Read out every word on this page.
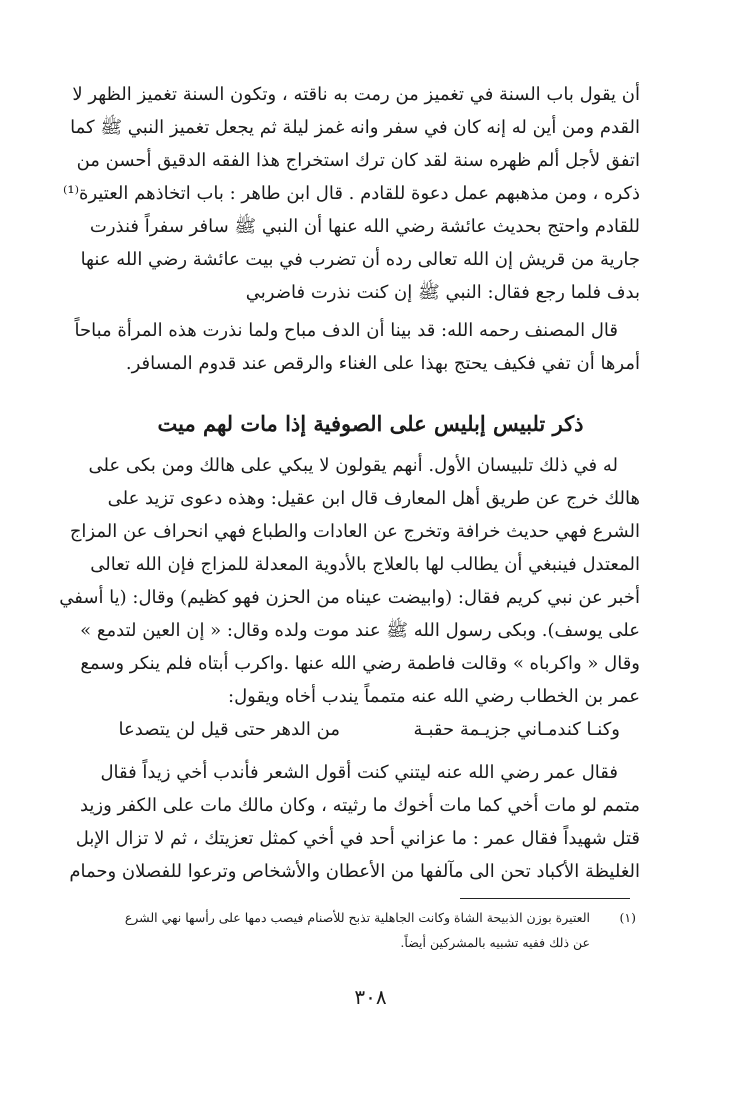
أن يقول باب السنة في تغميز من رمت به ناقته ، وتكون السنة تغميز الظهر لا
القدم ومن أين له إنه كان في سفر وانه غمز ليلة ثم يجعل تغميز النبي ﷺ كما
اتفق لأجل ألم ظهره سنة لقد كان ترك استخراج هذا الفقه الدقيق أحسن من
ذكره ، ومن مذهبهم عمل دعوة للقادم . قال ابن طاهر : باب اتخاذهم العتيرة⁽¹⁾
للقادم واحتج بحديث عائشة رضي الله عنها أن النبي ﷺ سافر سفراً فنذرت
جارية من قريش إن الله تعالى رده أن تضرب في بيت عائشة رضي الله عنها
بدف فلما رجع فقال: النبي ﷺ إن كنت نذرت فاضربي
قال المصنف رحمه الله: قد بينا أن الدف مباح ولما نذرت هذه المرأة مباحاً
أمرها أن تفي فكيف يحتج بهذا على الغناء والرقص عند قدوم المسافر.
ذكر تلبيس إبليس على الصوفية إذا مات لهم ميت
له في ذلك تلبيسان الأول. أنهم يقولون لا يبكي على هالك ومن بكى على
هالك خرج عن طريق أهل المعارف قال ابن عقيل: وهذه دعوى تزيد على
الشرع فهي حديث خرافة وتخرج عن العادات والطباع فهي انحراف عن المزاج
المعتدل فينبغي أن يطالب لها بالعلاج بالأدوية المعدلة للمزاج فإن الله تعالى
أخبر عن نبي كريم فقال: (وابيضت عيناه من الحزن فهو كظيم) وقال: (يا أسفي
على يوسف). وبكى رسول الله ﷺ عند موت ولده وقال: « إن العين لتدمع »
وقال « واكرباه » وقالت فاطمة رضي الله عنها .واكرب أبتاه فلم ينكر وسمع
عمر بن الخطاب رضي الله عنه متمماً يندب أخاه ويقول:
وكنـا كندمـاني جزيـمة حقبـة
من الدهر حتى قيل لن يتصدعا
فقال عمر رضي الله عنه ليتني كنت أقول الشعر فأندب أخي زيداً فقال
متمم لو مات أخي كما مات أخوك ما رثيته ، وكان مالك مات على الكفر وزيد
قتل شهيداً فقال عمر : ما عزاني أحد في أخي كمثل تعزيتك ، ثم لا تزال الإبل
الغليظة الأكباد تحن الى مآلفها من الأعطان والأشخاص وترعوا للفصلان وحمام
(١)
العتيرة بوزن الذبيحة الشاة وكانت الجاهلية تذبح للأصنام فيصب دمها على رأسها نهي الشرع
عن ذلك ففيه تشبيه بالمشركين أيضاً.
٣٠٨
